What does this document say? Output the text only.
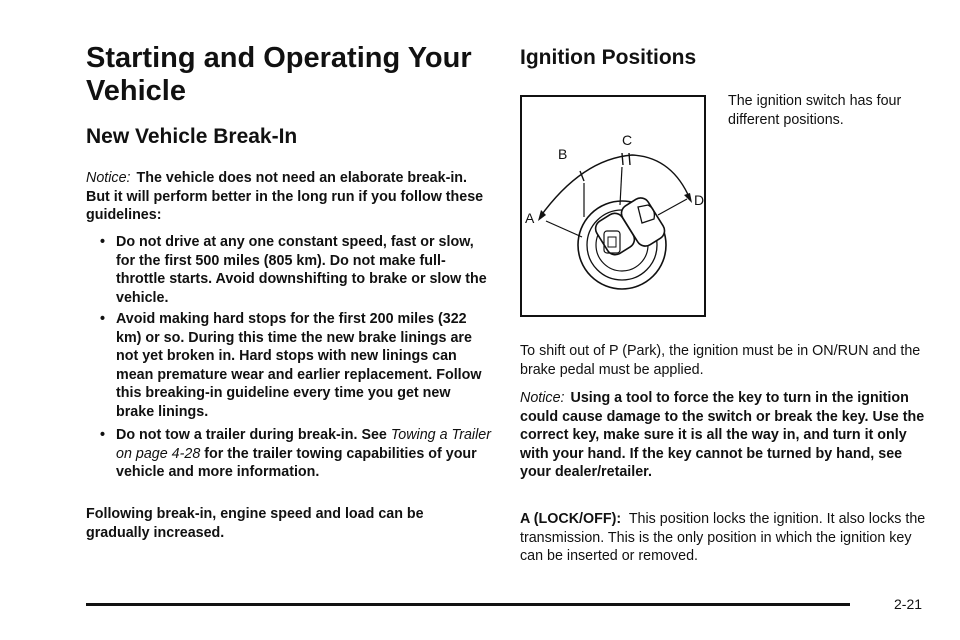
Starting and Operating Your Vehicle
New Vehicle Break-In

Notice: The vehicle does not need an elaborate break-in. But it will perform better in the long run if you follow these guidelines:

• Do not drive at any one constant speed, fast or slow, for the first 500 miles (805 km). Do not make full-throttle starts. Avoid downshifting to brake or slow the vehicle.
• Avoid making hard stops for the first 200 miles (322 km) or so. During this time the new brake linings are not yet broken in. Hard stops with new linings can mean premature wear and earlier replacement. Follow this breaking-in guideline every time you get new brake linings.
• Do not tow a trailer during break-in. See Towing a Trailer on page 4-28 for the trailer towing capabilities of your vehicle and more information.

Following break-in, engine speed and load can be gradually increased.

Ignition Positions
B
C
A
D

The ignition switch has four different positions.

To shift out of P (Park), the ignition must be in ON/RUN and the brake pedal must be applied.

Notice: Using a tool to force the key to turn in the ignition could cause damage to the switch or break the key. Use the correct key, make sure it is all the way in, and turn it only with your hand. If the key cannot be turned by hand, see your dealer/retailer.

A (LOCK/OFF): This position locks the ignition. It also locks the transmission. This is the only position in which the ignition key can be inserted or removed.

2-21
